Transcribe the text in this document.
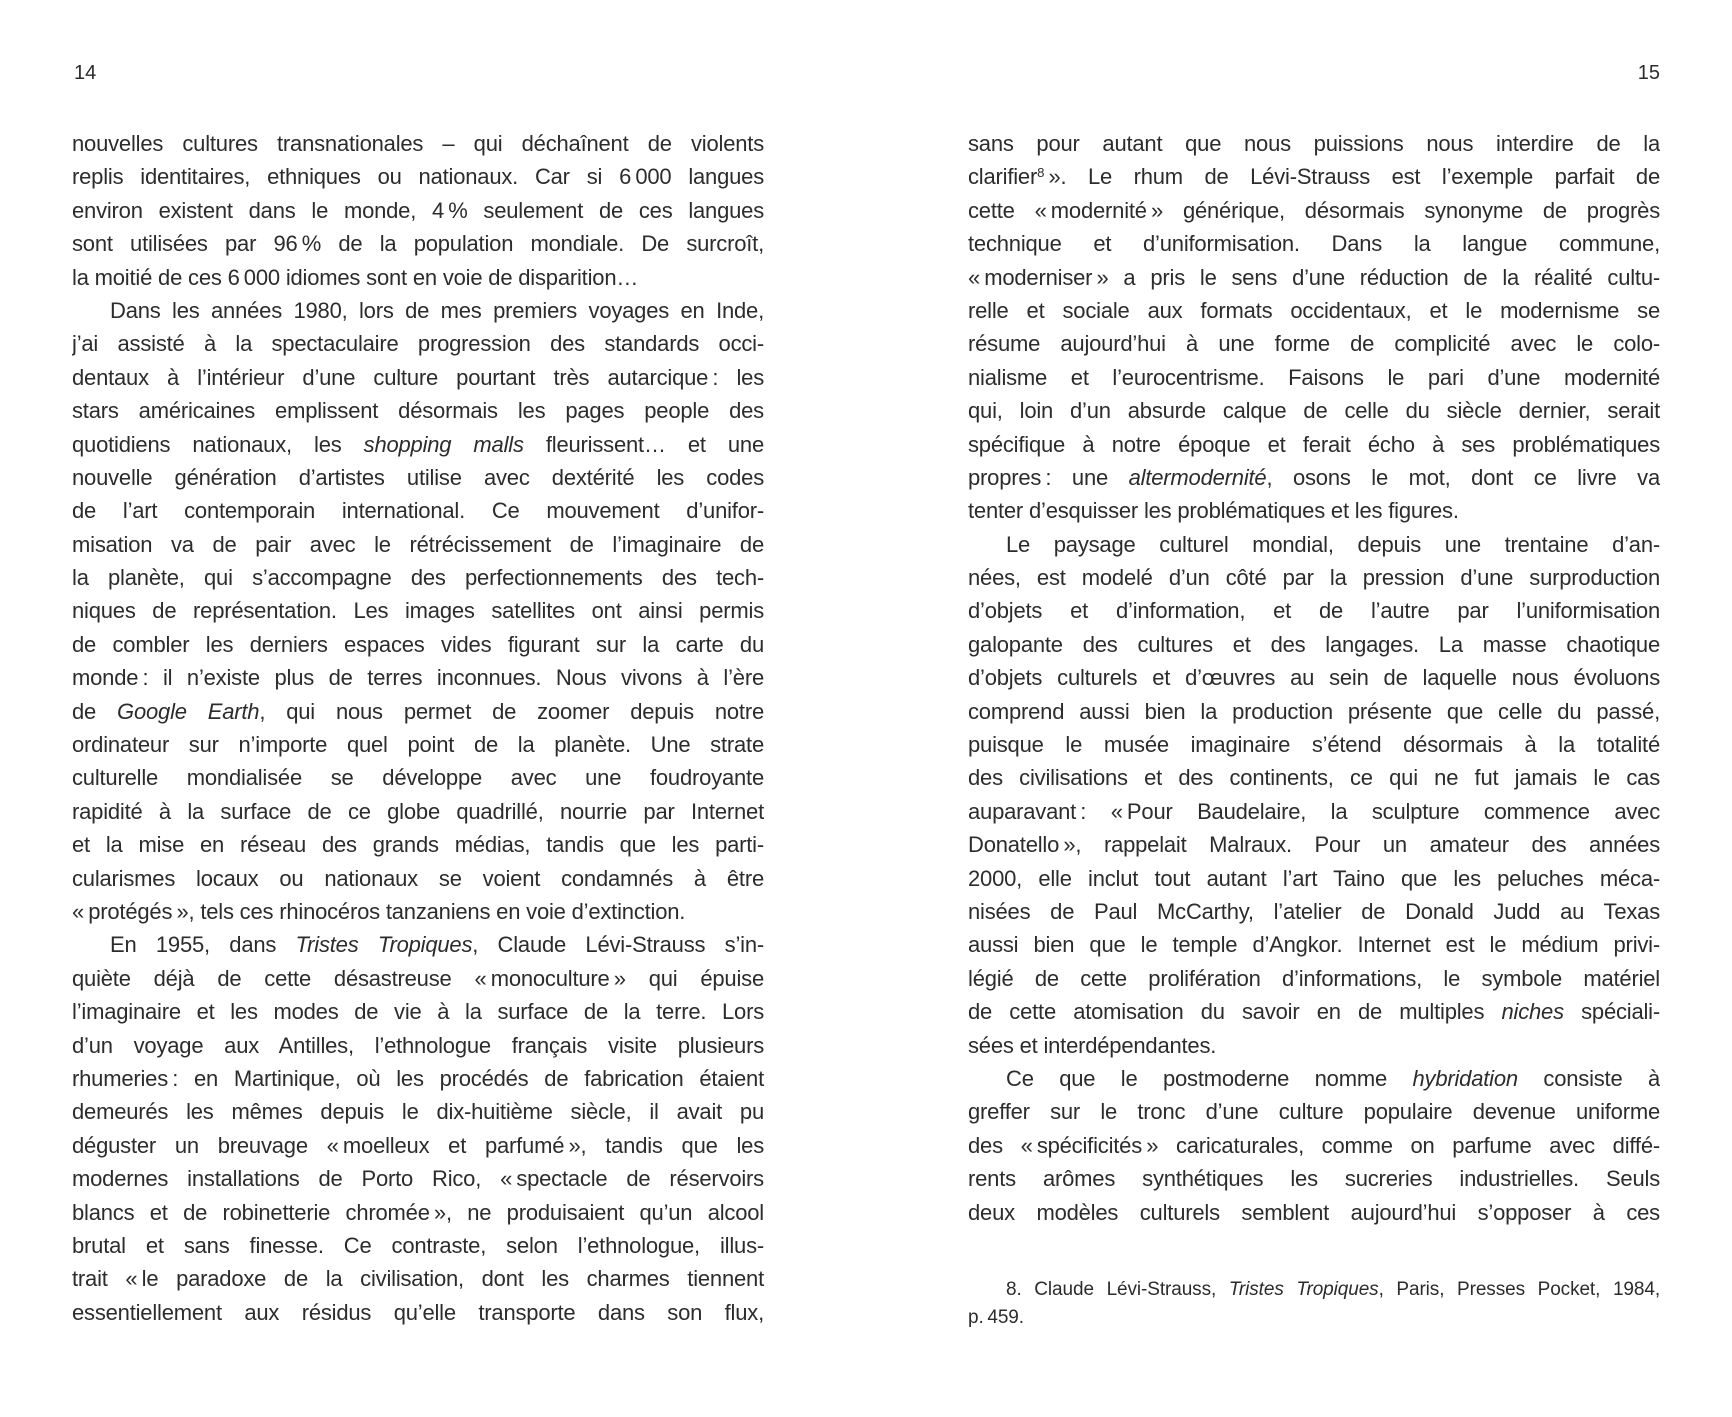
14	15
nouvelles cultures transnationales – qui déchaînent de violents
replis identitaires, ethniques ou nationaux. Car si 6 000 langues
environ existent dans le monde, 4 % seulement de ces langues
sont utilisées par 96 % de la population mondiale. De surcroît,
la moitié de ces 6 000 idiomes sont en voie de disparition…
Dans les années 1980, lors de mes premiers voyages en Inde,
j’ai assisté à la spectaculaire progression des standards occi-
dentaux à l’intérieur d’une culture pourtant très autarcique : les
stars américaines emplissent désormais les pages people des
quotidiens nationaux, les shopping malls fleurissent… et une
nouvelle génération d’artistes utilise avec dextérité les codes
de l’art contemporain international. Ce mouvement d’unifor-
misation va de pair avec le rétrécissement de l’imaginaire de
la planète, qui s’accompagne des perfectionnements des tech-
niques de représentation. Les images satellites ont ainsi permis
de combler les derniers espaces vides figurant sur la carte du
monde : il n’existe plus de terres inconnues. Nous vivons à l’ère
de Google Earth, qui nous permet de zoomer depuis notre
ordinateur sur n’importe quel point de la planète. Une strate
culturelle mondialisée se développe avec une foudroyante
rapidité à la surface de ce globe quadrillé, nourrie par Internet
et la mise en réseau des grands médias, tandis que les parti-
cularismes locaux ou nationaux se voient condamnés à être
« protégés », tels ces rhinocéros tanzaniens en voie d’extinction.
En 1955, dans Tristes Tropiques, Claude Lévi-Strauss s’in-
quiète déjà de cette désastreuse « monoculture » qui épuise
l’imaginaire et les modes de vie à la surface de la terre. Lors
d’un voyage aux Antilles, l’ethnologue français visite plusieurs
rhumeries : en Martinique, où les procédés de fabrication étaient
demeurés les mêmes depuis le dix-huitième siècle, il avait pu
déguster un breuvage « moelleux et parfumé », tandis que les
modernes installations de Porto Rico, « spectacle de réservoirs
blancs et de robinetterie chromée », ne produisaient qu’un alcool
brutal et sans finesse. Ce contraste, selon l’ethnologue, illus-
trait « le paradoxe de la civilisation, dont les charmes tiennent
essentiellement aux résidus qu’elle transporte dans son flux,
sans pour autant que nous puissions nous interdire de la
clarifier$^8$ ». Le rhum de Lévi-Strauss est l’exemple parfait de
cette « modernité » générique, désormais synonyme de progrès
technique et d’uniformisation. Dans la langue commune,
« moderniser » a pris le sens d’une réduction de la réalité cultu-
relle et sociale aux formats occidentaux, et le modernisme se
résume aujourd’hui à une forme de complicité avec le colo-
nialisme et l’eurocentrisme. Faisons le pari d’une modernité
qui, loin d’un absurde calque de celle du siècle dernier, serait
spécifique à notre époque et ferait écho à ses problématiques
propres : une altermodernité, osons le mot, dont ce livre va
tenter d’esquisser les problématiques et les figures.
Le paysage culturel mondial, depuis une trentaine d’an-
nées, est modelé d’un côté par la pression d’une surproduction
d’objets et d’information, et de l’autre par l’uniformisation
galopante des cultures et des langages. La masse chaotique
d’objets culturels et d’œuvres au sein de laquelle nous évoluons
comprend aussi bien la production présente que celle du passé,
puisque le musée imaginaire s’étend désormais à la totalité
des civilisations et des continents, ce qui ne fut jamais le cas
auparavant : « Pour Baudelaire, la sculpture commence avec
Donatello », rappelait Malraux. Pour un amateur des années
2000, elle inclut tout autant l’art Taino que les peluches méca-
nisées de Paul McCarthy, l’atelier de Donald Judd au Texas
aussi bien que le temple d’Angkor. Internet est le médium privi-
légié de cette prolifération d’informations, le symbole matériel
de cette atomisation du savoir en de multiples niches spéciali-
sées et interdépendantes.
Ce que le postmoderne nomme hybridation consiste à
greffer sur le tronc d’une culture populaire devenue uniforme
des « spécificités » caricaturales, comme on parfume avec diffé-
rents arômes synthétiques les sucreries industrielles. Seuls
deux modèles culturels semblent aujourd’hui s’opposer à ces
8. Claude Lévi-Strauss, Tristes Tropiques, Paris, Presses Pocket, 1984,
p. 459.
